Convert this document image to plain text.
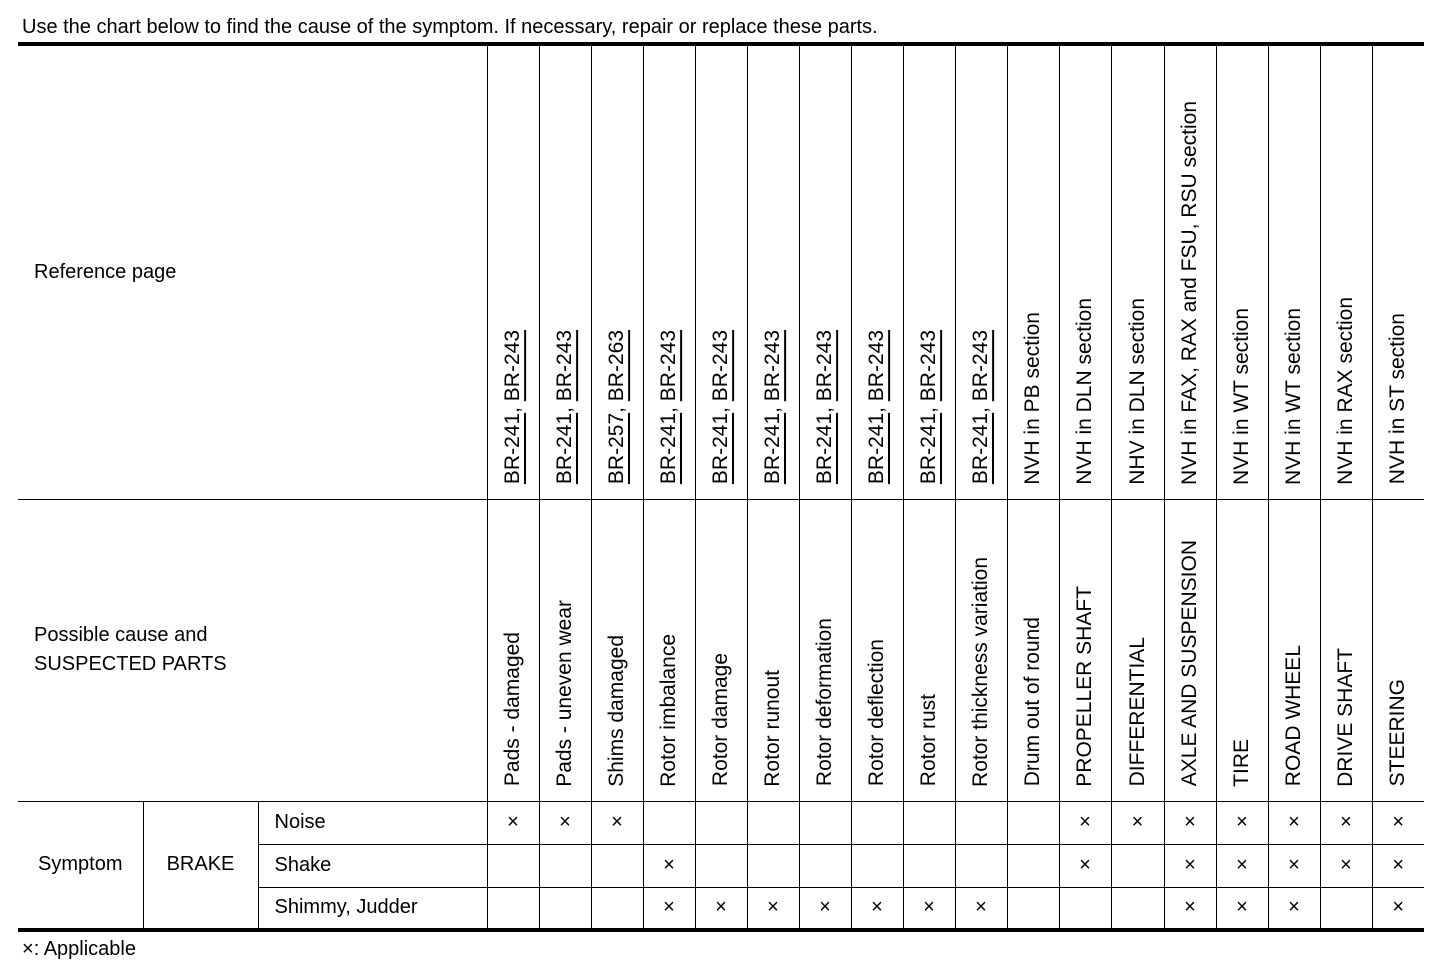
Use the chart below to find the cause of the symptom. If necessary, repair or replace these parts.
Reference page			BR-241, BR-243	BR-241, BR-243	BR-257, BR-263	BR-241, BR-243	BR-241, BR-243	BR-241, BR-243	BR-241, BR-243	BR-241, BR-243	BR-241, BR-243	BR-241, BR-243	NVH in PB section	NVH in DLN section	NHV in DLN section	NVH in FAX, RAX and FSU, RSU section	NVH in WT section	NVH in WT section	NVH in RAX section	NVH in ST section

Possible cause and
SUSPECTED PARTS			Pads - damaged	Pads - uneven wear	Shims damaged	Rotor imbalance	Rotor damage	Rotor runout	Rotor deformation	Rotor deflection	Rotor rust	Rotor thickness variation	Drum out of round	PROPELLER SHAFT	DIFFERENTIAL	AXLE AND SUSPENSION	TIRE	ROAD WHEEL	DRIVE SHAFT	STEERING

Symptom	BRAKE	Noise	×	×	×									×	×	×	×	×	×	×
		Shake				×								×		×	×	×	×	×
		Shimmy, Judder				×	×	×	×	×	×	×				×	×	×		×
×: Applicable
